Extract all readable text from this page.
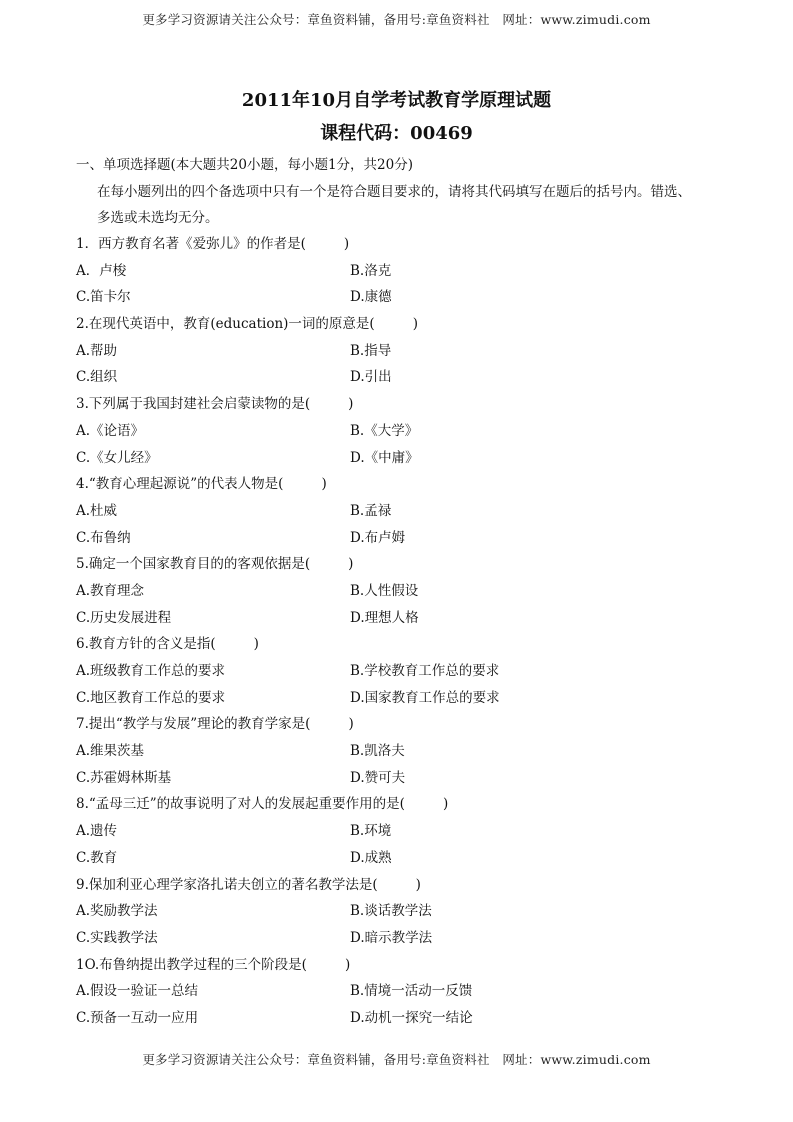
更多学习资源请关注公众号：章鱼资料铺，备用号:章鱼资料社　网址：www.zimudi.com
2011年10月自学考试教育学原理试题
课程代码：00469
一、单项选择题(本大题共20小题，每小题1分，共20分)
在每小题列出的四个备选项中只有一个是符合题目要求的，请将其代码填写在题后的括号内。错选、
多选或未选均无分。
1．西方教育名著《爱弥儿》的作者是(	)
A．卢梭	B.洛克
C.笛卡尔	D.康德
2.在现代英语中，教育(education)一词的原意是(	)
A.帮助	B.指导
C.组织	D.引出
3.下列属于我国封建社会启蒙读物的是(	)
A.《论语》	B.《大学》
C.《女儿经》	D.《中庸》
4.“教育心理起源说”的代表人物是(	)
A.杜威	B.孟禄
C.布鲁纳	D.布卢姆
5.确定一个国家教育目的的客观依据是(	)
A.教育理念	B.人性假设
C.历史发展进程	D.理想人格
6.教育方针的含义是指(	)
A.班级教育工作总的要求	B.学校教育工作总的要求
C.地区教育工作总的要求	D.国家教育工作总的要求
7.提出“教学与发展”理论的教育学家是(	)
A.维果茨基	B.凯洛夫
C.苏霍姆林斯基	D.赞可夫
8.“孟母三迁”的故事说明了对人的发展起重要作用的是(	)
A.遗传	B.环境
C.教育	D.成熟
9.保加利亚心理学家洛扎诺夫创立的著名教学法是(	)
A.奖励教学法	B.谈话教学法
C.实践教学法	D.暗示教学法
1O.布鲁纳提出教学过程的三个阶段是(	)
A.假设一验证一总结	B.情境一活动一反馈
C.预备一互动一应用	D.动机一探究一结论
更多学习资源请关注公众号：章鱼资料铺，备用号:章鱼资料社　网址：www.zimudi.com
